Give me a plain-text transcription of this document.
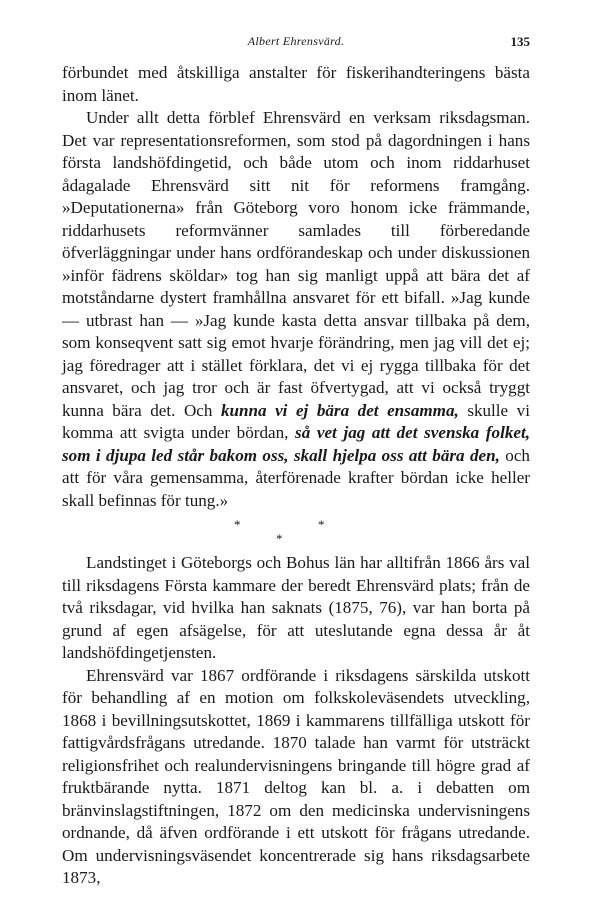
Albert Ehrensvärd.	135

förbundet med åtskilliga anstalter för fiskerihandteringens bästa inom länet.

Under allt detta förblef Ehrensvärd en verksam riksdagsman. Det var representationsreformen, som stod på dagordningen i hans första landshöfdingetid, och både utom och inom riddarhuset ådagalade Ehrensvärd sitt nit för reformens framgång. »Deputationerna» från Göteborg voro honom icke främmande, riddarhusets reformvänner samlades till förberedande öfverläggningar under hans ordförandeskap och under diskussionen »inför fädrens sköldar» tog han sig manligt uppå att bära det af motståndarne dystert framhållna ansvaret för ett bifall. »Jag kunde — utbrast han — »Jag kunde kasta detta ansvar tillbaka på dem, som konseqvent satt sig emot hvarje förändring, men jag vill det ej; jag föredrager att i stället förklara, det vi ej rygga tillbaka för det ansvaret, och jag tror och är fast öfvertygad, att vi också tryggt kunna bära det. Och kunna vi ej bära det ensamma, skulle vi komma att svigta under bördan, så vet jag att det svenska folket, som i djupa led står bakom oss, skall hjelpa oss att bära den, och att för våra gemensamma, återförenade krafter bördan icke heller skall befinnas för tung.»

*	*
*

Landstinget i Göteborgs och Bohus län har alltifrån 1866 års val till riksdagens Första kammare der beredt Ehrensvärd plats; från de två riksdagar, vid hvilka han saknats (1875, 76), var han borta på grund af egen afsägelse, för att uteslutande egna dessa år åt landshöfdingetjensten.

Ehrensvärd var 1867 ordförande i riksdagens särskilda utskott för behandling af en motion om folkskoleväsendets utveckling, 1868 i bevillningsutskottet, 1869 i kammarens tillfälliga utskott för fattigvårdsfrågans utredande. 1870 talade han varmt för utsträckt religionsfrihet och realundervisningens bringande till högre grad af fruktbärande nytta. 1871 deltog kan bl. a. i debatten om bränvinslagstiftningen, 1872 om den medicinska undervisningens ordnande, då äfven ordförande i ett utskott för frågans utredande. Om undervisningsväsendet koncentrerade sig hans riksdagsarbete 1873,
